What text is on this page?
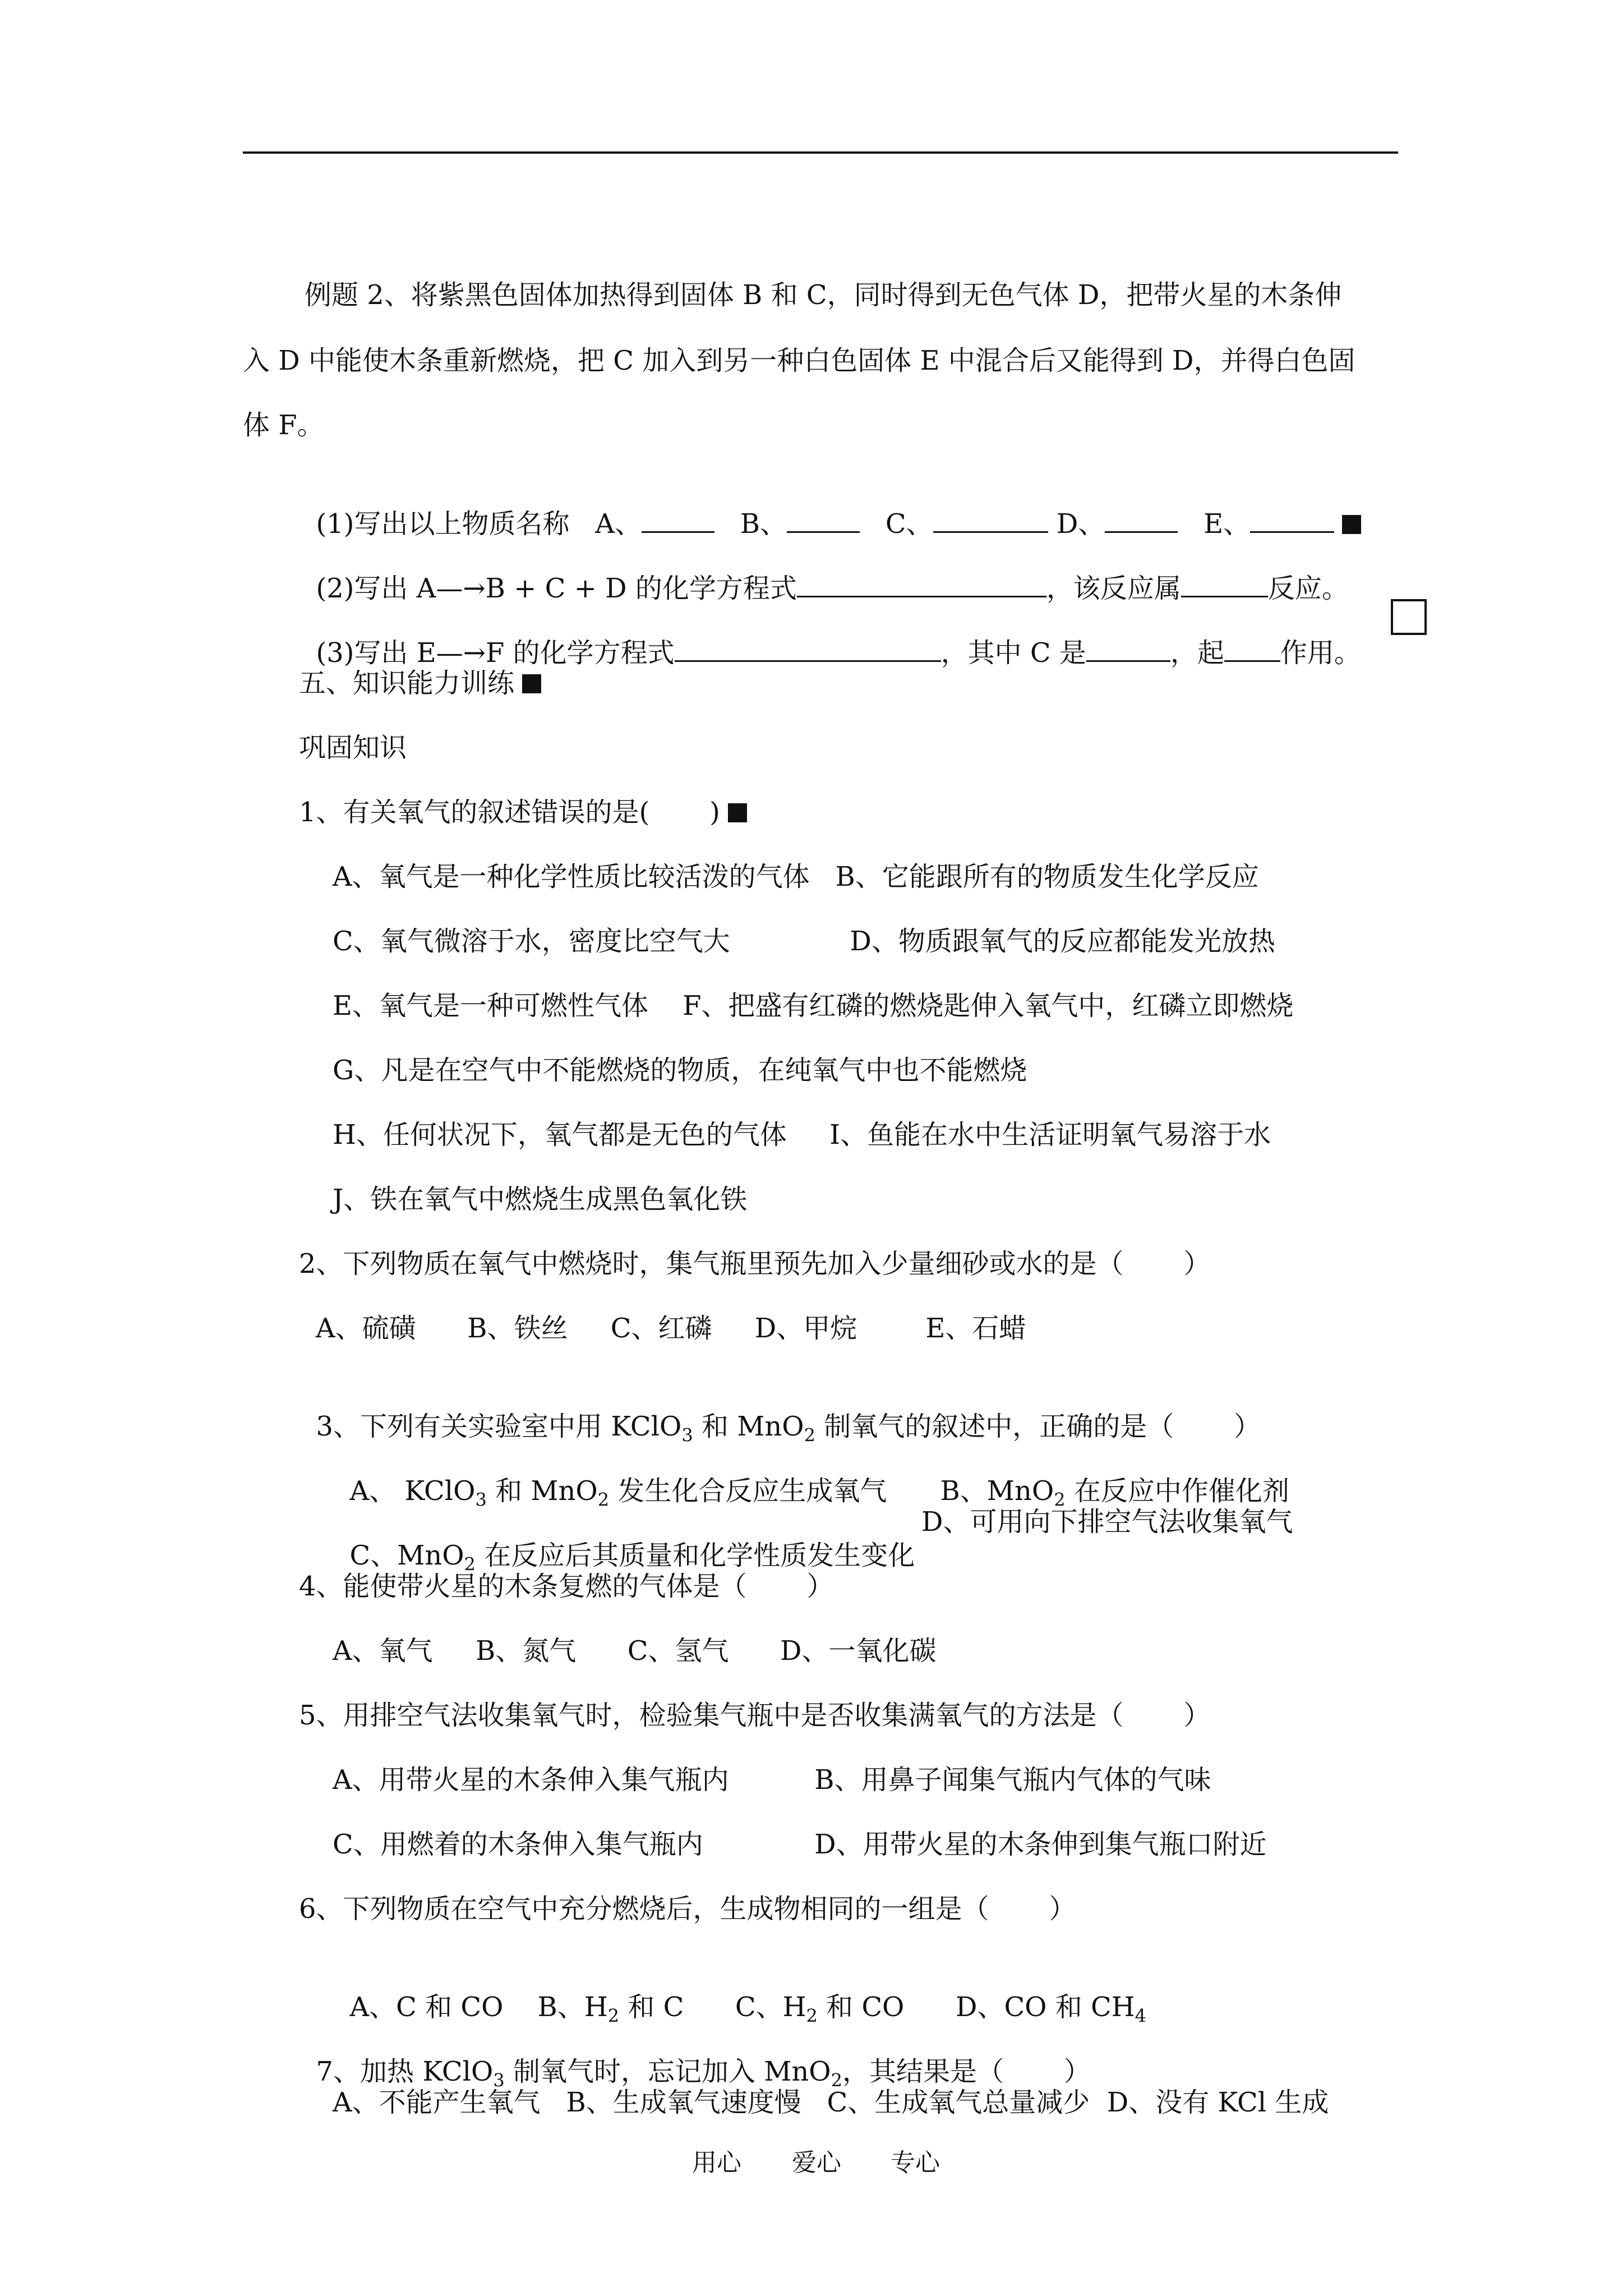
例题 2、将紫黑色固体加热得到固体 B 和 C，同时得到无色气体 D，把带火星的木条伸
入 D 中能使木条重新燃烧，把 C 加入到另一种白色固体 E 中混合后又能得到 D，并得白色固
体 F。

(1)写出以上物质名称 A、	B、	C、	D、	E、

(2)写出 A—→B + C + D 的化学方程式	，该反应属	反应。

(3)写出 E—→F 的化学方程式	，其中 C 是	，起 作用。

五、知识能力训练
巩固知识
1、有关氧气的叙述错误的是(       )
A、氧气是一种化学性质比较活泼的气体   B、它能跟所有的物质发生化学反应
C、氧气微溶于水，密度比空气大              D、物质跟氧气的反应都能发光放热
E、氧气是一种可燃性气体    F、把盛有红磷的燃烧匙伸入氧气中，红磷立即燃烧
G、凡是在空气中不能燃烧的物质，在纯氧气中也不能燃烧
H、任何状况下，氧气都是无色的气体     I、鱼能在水中生活证明氧气易溶于水
J、铁在氧气中燃烧生成黑色氧化铁
2、下列物质在氧气中燃烧时，集气瓶里预先加入少量细砂或水的是（       ）
A、硫磺      B、铁丝     C、红磷     D、甲烷        E、石蜡

3、下列有关实验室中用 KClO$_3$ 和 MnO$_2$ 制氧气的叙述中，正确的是（       ）

A、 KClO$_3$ 和 MnO$_2$ 发生化合反应生成氧气	B、MnO$_2$ 在反应中作催化剂

C、MnO$_2$ 在反应后其质量和化学性质发生变化

D、可用向下排空气法收集氧气
4、能使带火星的木条复燃的气体是（       ）
A、氧气     B、氮气      C、氢气      D、一氧化碳
5、用排空气法收集氧气时，检验集气瓶中是否收集满氧气的方法是（       ）
A、用带火星的木条伸入集气瓶内          B、用鼻子闻集气瓶内气体的气味
C、用燃着的木条伸入集气瓶内             D、用带火星的木条伸到集气瓶口附近
6、下列物质在空气中充分燃烧后，生成物相同的一组是（       ）

A、C 和 CO B、$H_2$ 和 C C、$H_2$ 和 CO D、CO 和 $CH_4$

7、加热 KClO$_3$ 制氧气时，忘记加入 MnO$_2$，其结果是（       ）

A、不能产生氧气   B、生成氧气速度慢   C、生成氧气总量减少  D、没有 KCl 生成
用心 爱心 专心
